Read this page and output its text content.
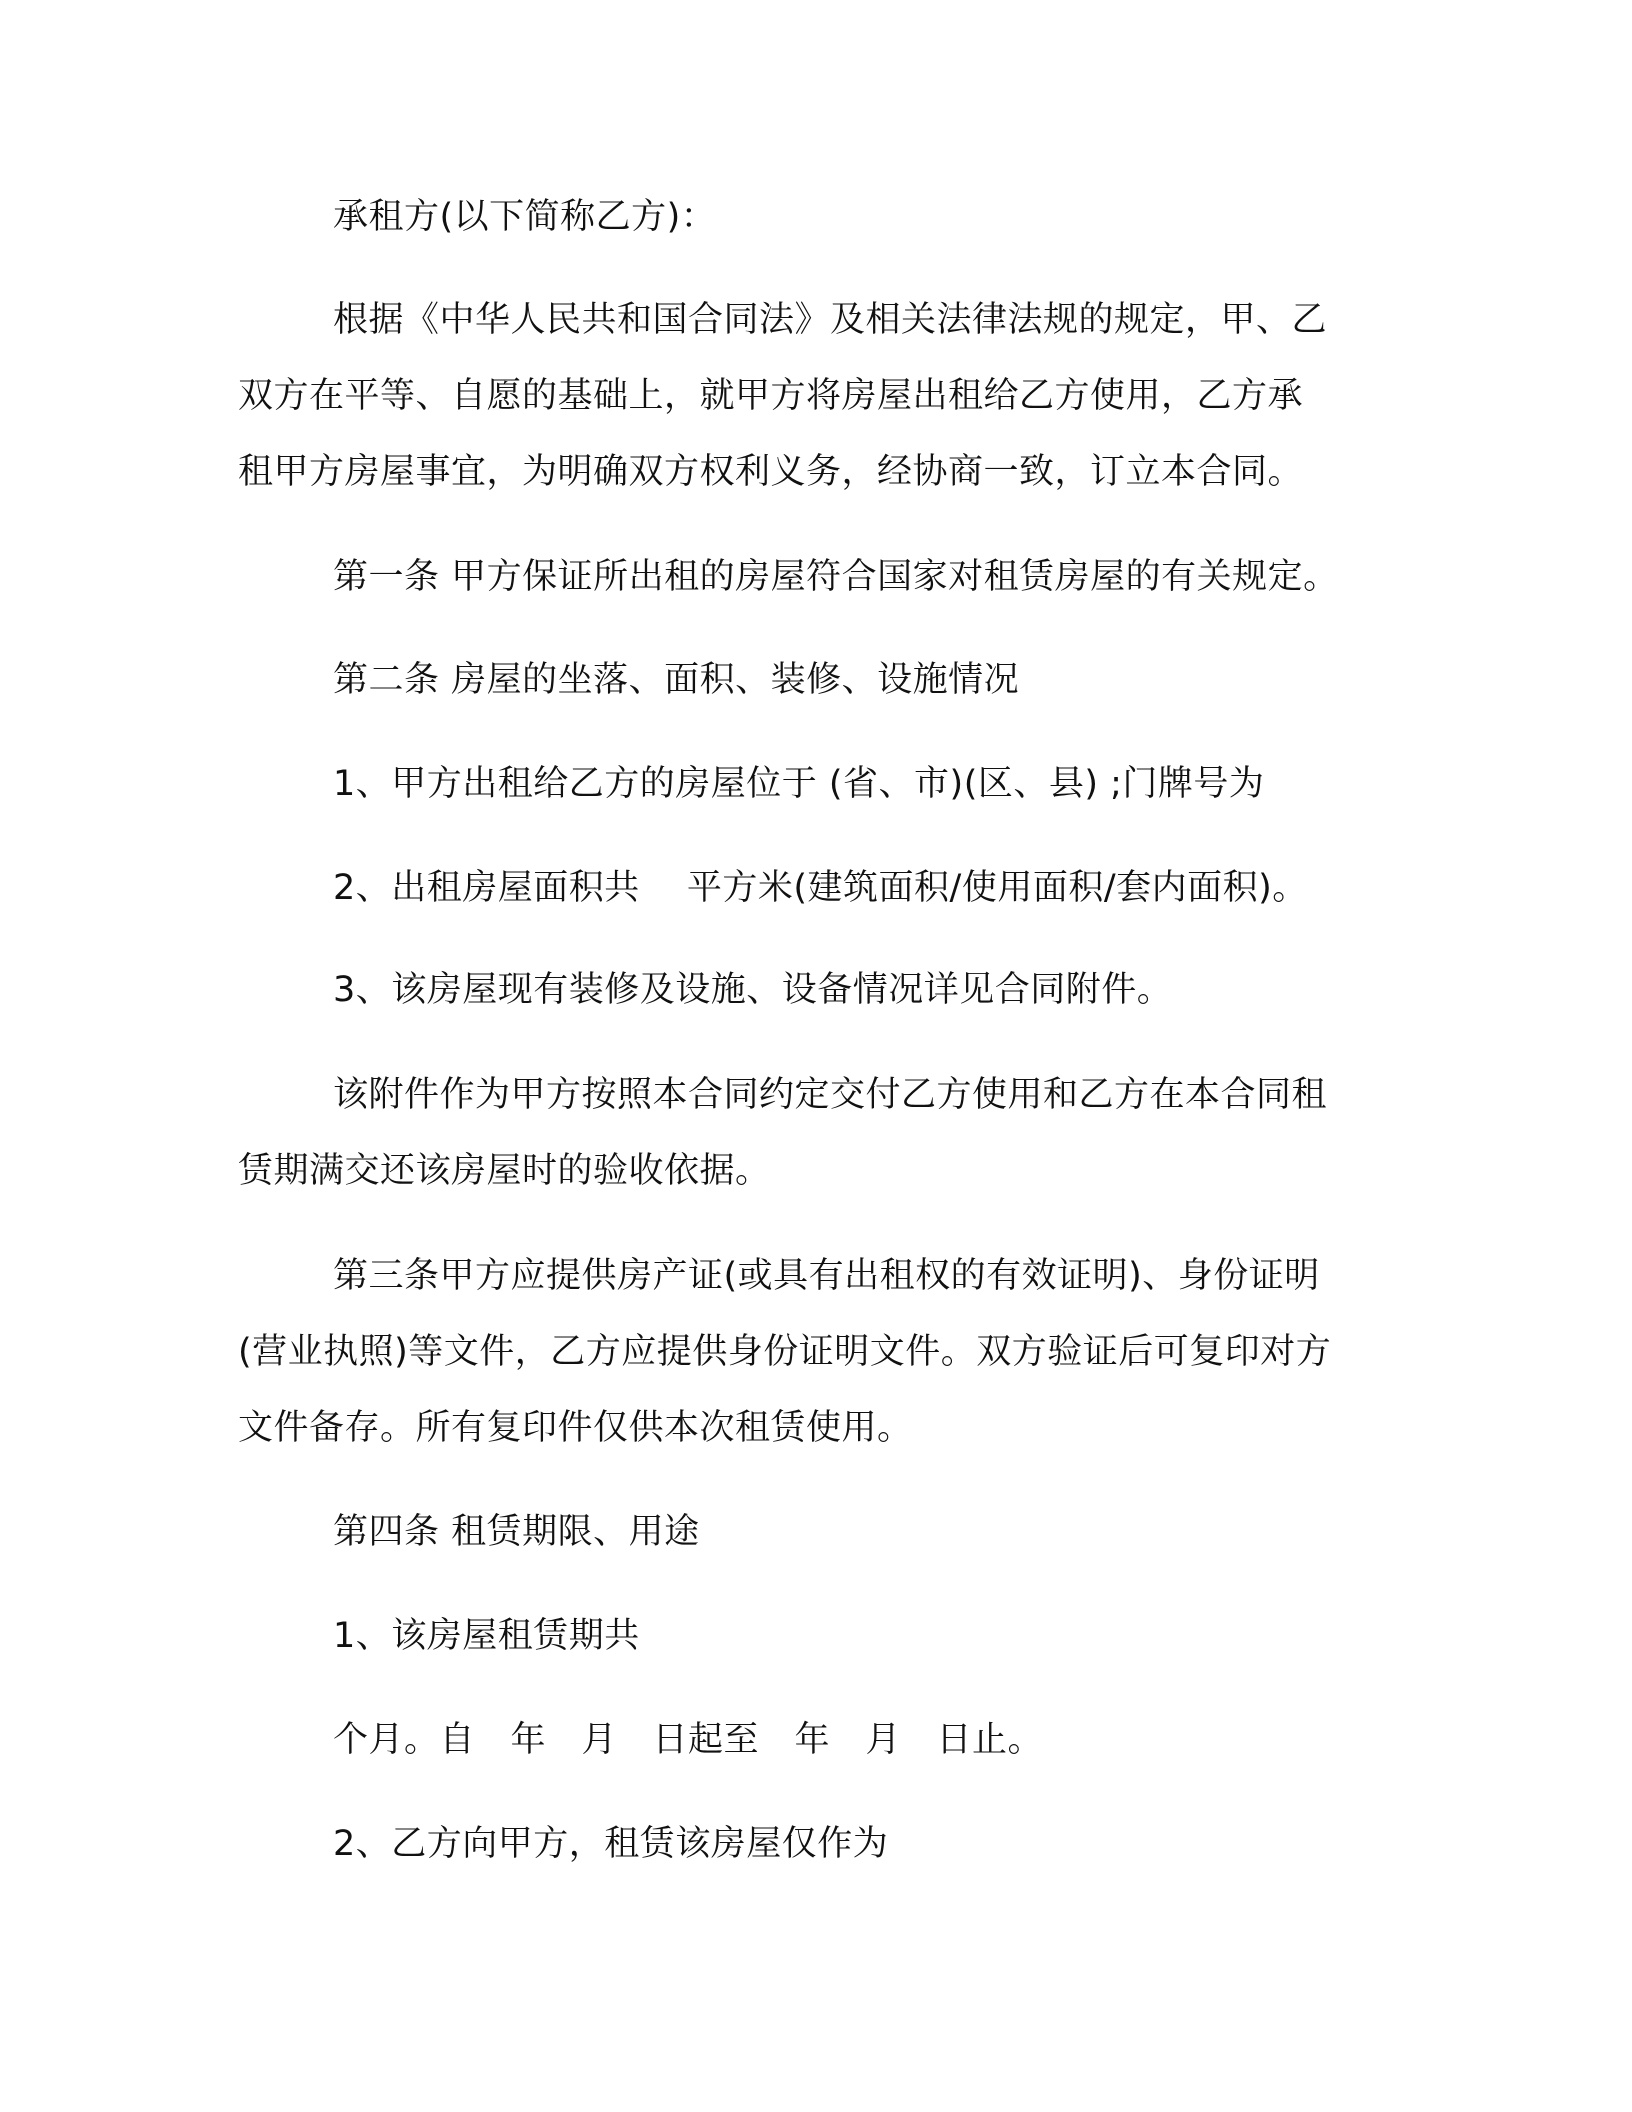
承租方(以下简称乙方)：
根据《中华人民共和国合同法》及相关法律法规的规定，甲、乙
双方在平等、自愿的基础上，就甲方将房屋出租给乙方使用，乙方承
租甲方房屋事宜，为明确双方权利义务，经协商一致，订立本合同。
第一条 甲方保证所出租的房屋符合国家对租赁房屋的有关规定。
第二条 房屋的坐落、面积、装修、设施情况
1、甲方出租给乙方的房屋位于 (省、市)(区、县) ;门牌号为
2、出租房屋面积共　 平方米(建筑面积/使用面积/套内面积)。
3、该房屋现有装修及设施、设备情况详见合同附件。
该附件作为甲方按照本合同约定交付乙方使用和乙方在本合同租
赁期满交还该房屋时的验收依据。
第三条甲方应提供房产证(或具有出租权的有效证明)、身份证明
(营业执照)等文件，乙方应提供身份证明文件。双方验证后可复印对方
文件备存。所有复印件仅供本次租赁使用。
第四条 租赁期限、用途
1、该房屋租赁期共
个月。自　年　月　日起至　年　月　日止。
2、乙方向甲方，租赁该房屋仅作为
